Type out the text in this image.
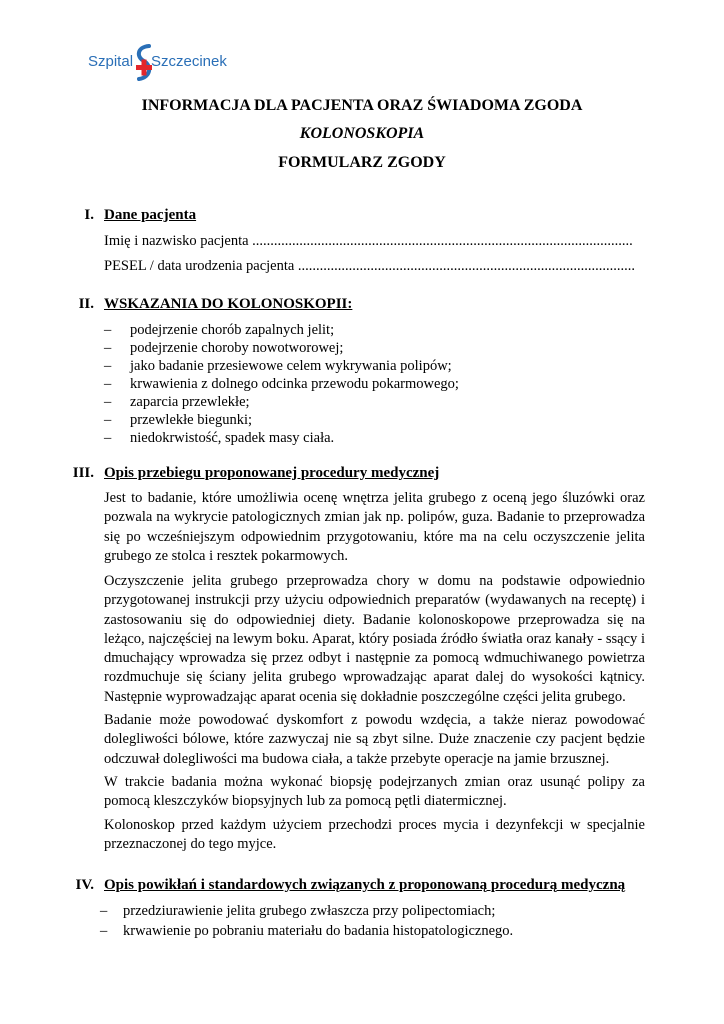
Szpital Szczecinek
INFORMACJA DLA PACJENTA ORAZ ŚWIADOMA ZGODA
KOLONOSKOPIA
FORMULARZ ZGODY
I. Dane pacjenta
Imię i nazwisko pacjenta .........................................................................................................
PESEL / data urodzenia pacjenta .............................................................................................
II. WSKAZANIA DO KOLONOSKOPII:
– podejrzenie chorób zapalnych jelit;
– podejrzenie choroby nowotworowej;
– jako badanie przesiewowe celem wykrywania polipów;
– krwawienia z dolnego odcinka przewodu pokarmowego;
– zaparcia przewlekłe;
– przewlekłe biegunki;
– niedokrwistość, spadek masy ciała.
III. Opis przebiegu proponowanej procedury medycznej

Jest to badanie, które umożliwia ocenę wnętrza jelita grubego z oceną jego śluzówki oraz pozwala na wykrycie patologicznych zmian jak np. polipów, guza. Badanie to przeprowadza się po wcześniejszym odpowiednim przygotowaniu, które ma na celu oczyszczenie jelita grubego ze stolca i resztek pokarmowych.

Oczyszczenie jelita grubego przeprowadza chory w domu na podstawie odpowiednio przygotowanej instrukcji przy użyciu odpowiednich preparatów (wydawanych na receptę) i zastosowaniu się do odpowiedniej diety. Badanie kolonoskopowe przeprowadza się na leżąco, najczęściej na lewym boku. Aparat, który posiada źródło światła oraz kanały - ssący i dmuchający wprowadza się przez odbyt i następnie za pomocą wdmuchiwanego powietrza rozdmuchuje się ściany jelita grubego wprowadzając aparat dalej do wysokości kątnicy. Następnie wyprowadzając aparat ocenia się dokładnie poszczególne części jelita grubego.

Badanie może powodować dyskomfort z powodu wzdęcia, a także nieraz powodować dolegliwości bólowe, które zazwyczaj nie są zbyt silne. Duże znaczenie czy pacjent będzie odczuwał dolegliwości ma budowa ciała, a także przebyte operacje na jamie brzusznej.

W trakcie badania można wykonać biopsję podejrzanych zmian oraz usunąć polipy za pomocą kleszczyków biopsyjnych lub za pomocą pętli diatermicznej.

Kolonoskop przed każdym użyciem przechodzi proces mycia i dezynfekcji w specjalnie przeznaczonej do tego myjce.

IV. Opis powikłań i standardowych związanych z proponowaną procedurą medyczną
– przedziurawienie jelita grubego zwłaszcza przy polipectomiach;
– krwawienie po pobraniu materiału do badania histopatologicznego.
